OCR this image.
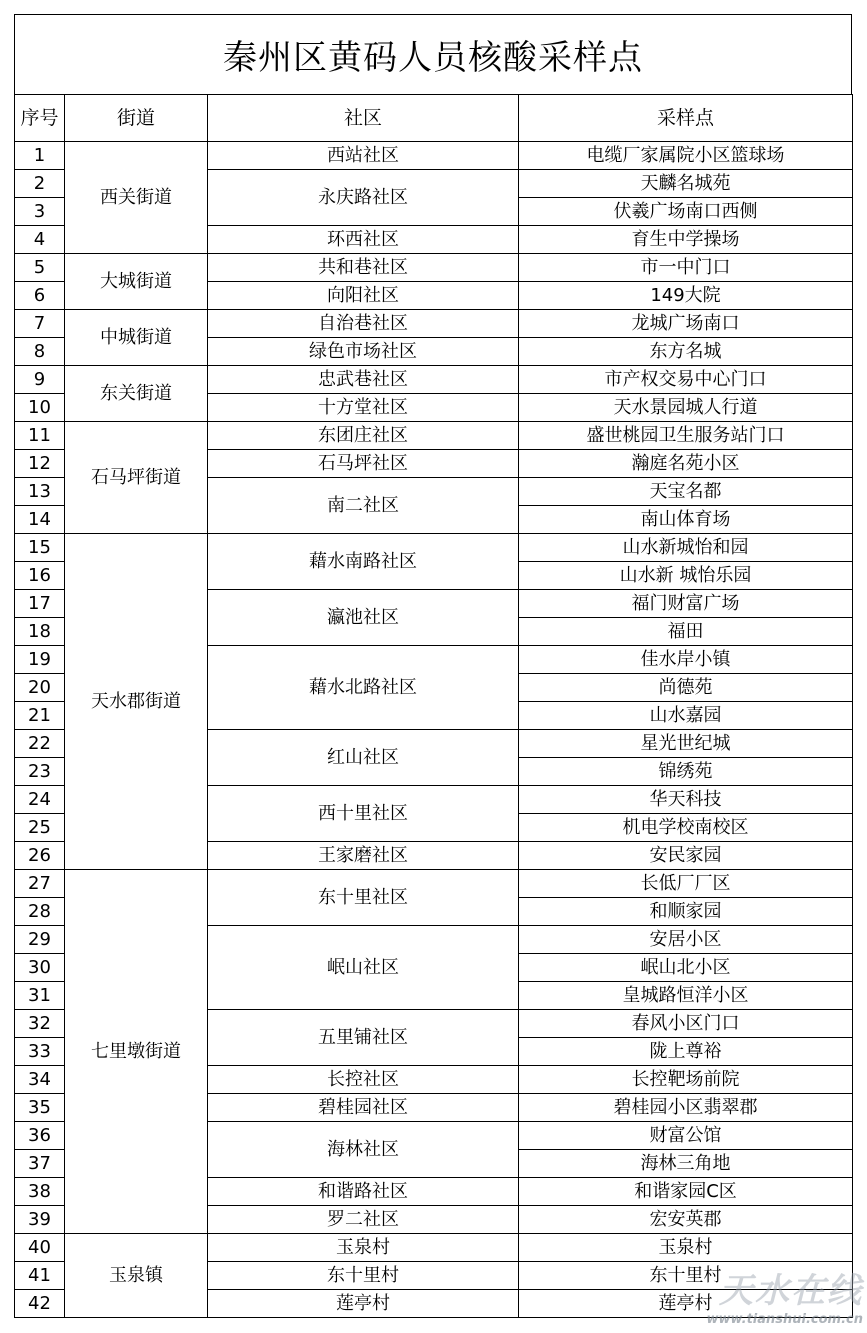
秦州区黄码人员核酸采样点
序号	街道	社区	采样点
1	西关街道	西站社区	电缆厂家属院小区篮球场
2		永庆路社区	天麟名城苑
3			伏羲广场南口西侧
4		环西社区	育生中学操场
5	大城街道	共和巷社区	市一中门口
6		向阳社区	149大院
7	中城街道	自治巷社区	龙城广场南口
8		绿色市场社区	东方名城
9	东关街道	忠武巷社区	市产权交易中心门口
10		十方堂社区	天水景园城人行道
11	石马坪街道	东团庄社区	盛世桃园卫生服务站门口
12		石马坪社区	瀚庭名苑小区
13		南二社区	天宝名都
14			南山体育场
15	天水郡街道	藉水南路社区	山水新城怡和园
16			山水新 城怡乐园
17		瀛池社区	福门财富广场
18			福田
19		藉水北路社区	佳水岸小镇
20			尚德苑
21			山水嘉园
22		红山社区	星光世纪城
23			锦绣苑
24		西十里社区	华天科技
25			机电学校南校区
26		王家磨社区	安民家园
27	七里墩街道	东十里社区	长低厂厂区
28			和顺家园
29		岷山社区	安居小区
30			岷山北小区
31			皇城路恒洋小区
32		五里铺社区	春风小区门口
33			陇上尊裕
34		长控社区	长控靶场前院
35		碧桂园社区	碧桂园小区翡翠郡
36		海林社区	财富公馆
37			海林三角地
38		和谐路社区	和谐家园C区
39		罗二社区	宏安英郡
40	玉泉镇	玉泉村	玉泉村
41		东十里村	东十里村
42		莲亭村	莲亭村 天水在线
www.tianshui.com.cn
